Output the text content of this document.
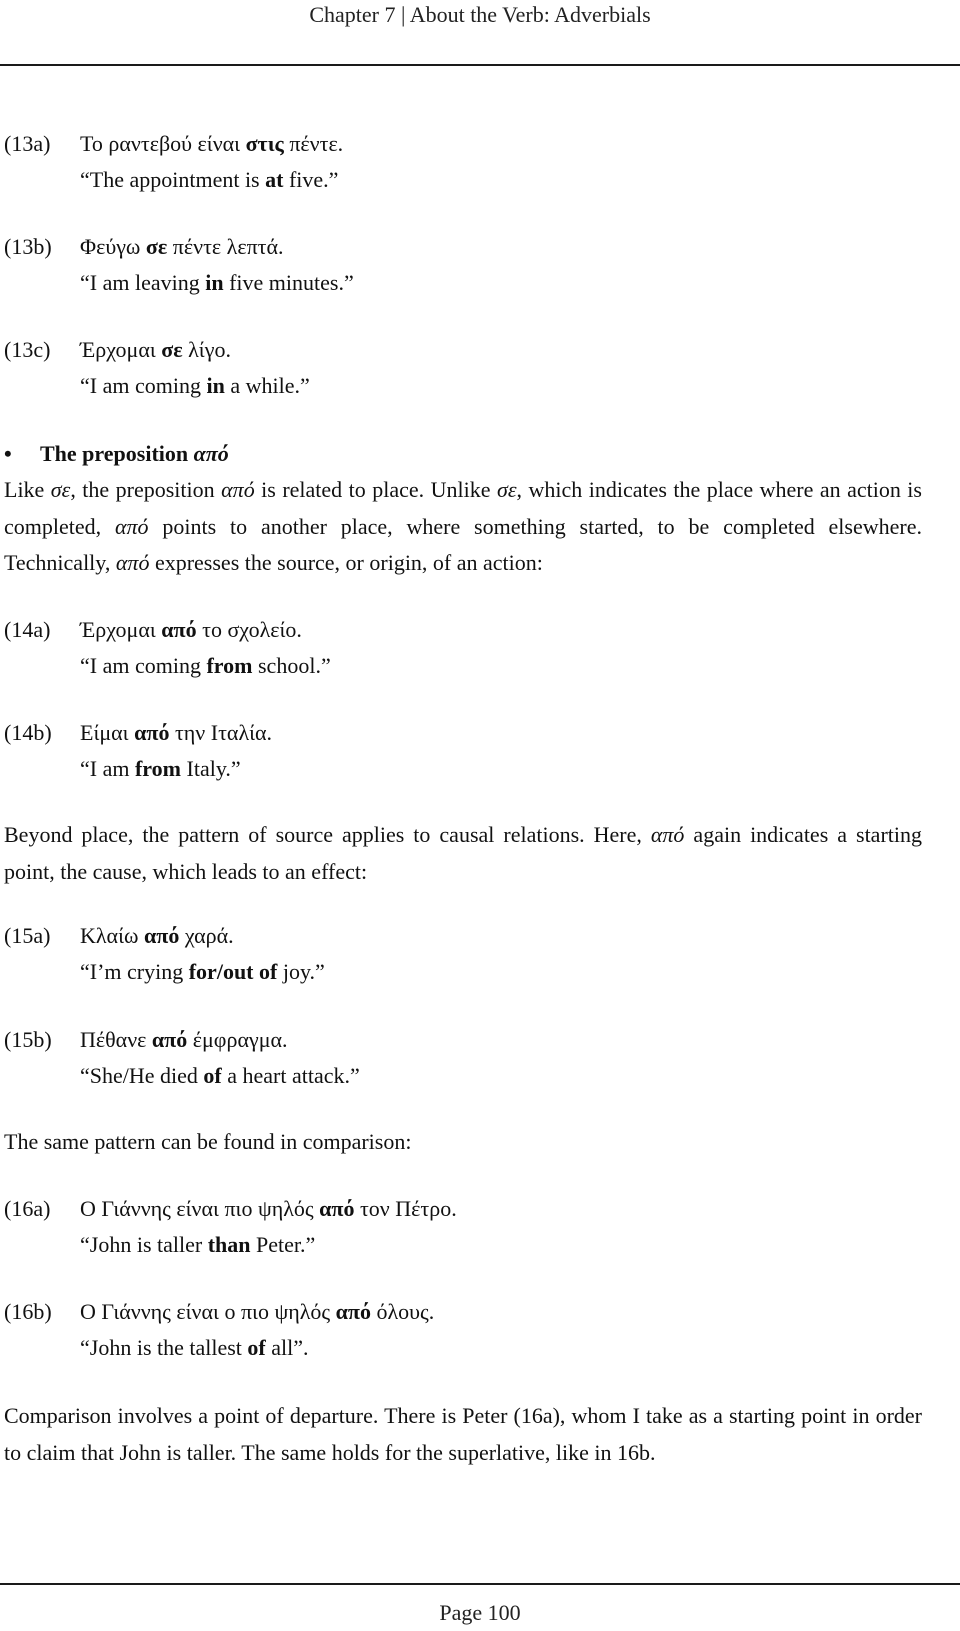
Chapter 7 | About the Verb: Adverbials
(13a) Το ραντεβού είναι στις πέντε.
“The appointment is at five.”
(13b) Φεύγω σε πέντε λεπτά.
“I am leaving in five minutes.”
(13c) Έρχομαι σε λίγο.
“I am coming in a while.”
• The preposition από
Like σε, the preposition από is related to place. Unlike σε, which indicates the place where an action is completed, από points to another place, where something started, to be completed elsewhere. Technically, από expresses the source, or origin, of an action:
(14a) Έρχομαι από το σχολείο.
“I am coming from school.”
(14b) Είμαι από την Ιταλία.
“I am from Italy.”
Beyond place, the pattern of source applies to causal relations. Here, από again indicates a starting point, the cause, which leads to an effect:
(15a) Κλαίω από χαρά.
“I’m crying for/out of joy.”
(15b) Πέθανε από έμφραγμα.
“She/He died of a heart attack.”
The same pattern can be found in comparison:
(16a) Ο Γιάννης είναι πιο ψηλός από τον Πέτρο.
“John is taller than Peter.”
(16b) Ο Γιάννης είναι ο πιο ψηλός από όλους.
“John is the tallest of all”.
Comparison involves a point of departure. There is Peter (16a), whom I take as a starting point in order to claim that John is taller. The same holds for the superlative, like in 16b.
Page 100
